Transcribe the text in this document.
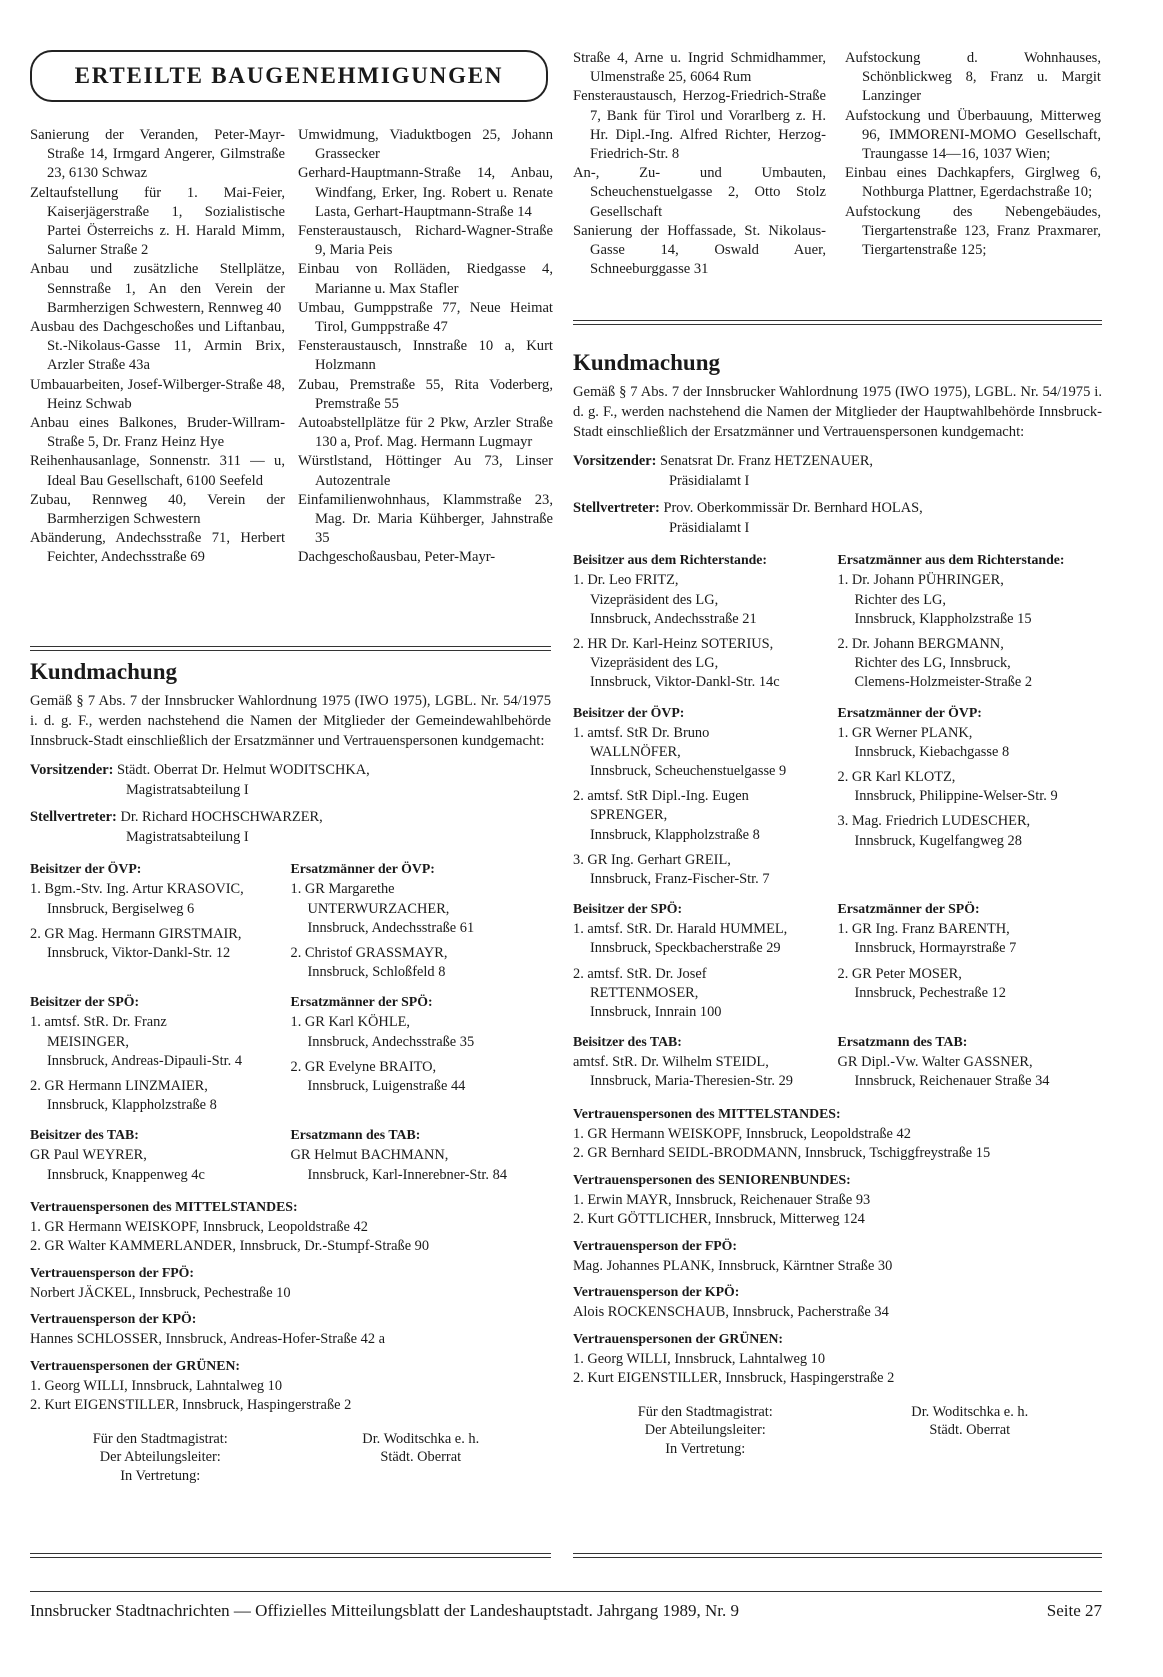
ERTEILTE BAUGENEHMIGUNGEN

Sanierung der Veranden, Peter-Mayr-Straße 14, Irmgard Angerer, Gilmstraße 23, 6130 Schwaz

Zeltaufstellung für 1. Mai-Feier, Kaiserjägerstraße 1, Sozialistische Partei Österreichs z. H. Harald Mimm, Salurner Straße 2

Anbau und zusätzliche Stellplätze, Sennstraße 1, An den Verein der Barmherzigen Schwestern, Rennweg 40

Ausbau des Dachgeschoßes und Liftanbau, St.-Nikolaus-Gasse 11, Armin Brix, Arzler Straße 43a

Umbauarbeiten, Josef-Wilberger-Straße 48, Heinz Schwab

Anbau eines Balkones, Bruder-Willram-Straße 5, Dr. Franz Heinz Hye

Reihenhausanlage, Sonnenstr. 311 — u, Ideal Bau Gesellschaft, 6100 Seefeld

Zubau, Rennweg 40, Verein der Barmherzigen Schwestern

Abänderung, Andechsstraße 71, Herbert Feichter, Andechsstraße 69

Umwidmung, Viaduktbogen 25, Johann Grassecker

Gerhard-Hauptmann-Straße 14, Anbau, Windfang, Erker, Ing. Robert u. Renate Lasta, Gerhart-Hauptmann-Straße 14

Fensteraustausch, Richard-Wagner-Straße 9, Maria Peis

Einbau von Rolläden, Riedgasse 4, Marianne u. Max Stafler

Umbau, Gumppstraße 77, Neue Heimat Tirol, Gumppstraße 47

Fensteraustausch, Innstraße 10 a, Kurt Holzmann

Zubau, Premstraße 55, Rita Voderberg, Premstraße 55

Autoabstellplätze für 2 Pkw, Arzler Straße 130 a, Prof. Mag. Hermann Lugmayr

Würstlstand, Höttinger Au 73, Linser Autozentrale

Einfamilienwohnhaus, Klammstraße 23, Mag. Dr. Maria Kühberger, Jahnstraße 35

Dachgeschoßausbau, Peter-Mayr-

Straße 4, Arne u. Ingrid Schmidhammer, Ulmenstraße 25, 6064 Rum

Fensteraustausch, Herzog-Friedrich-Straße 7, Bank für Tirol und Vorarlberg z. H. Hr. Dipl.-Ing. Alfred Richter, Herzog-Friedrich-Str. 8

An-, Zu- und Umbauten, Scheuchenstuelgasse 2, Otto Stolz Gesellschaft

Sanierung der Hoffassade, St. Nikolaus-Gasse 14, Oswald Auer, Schneeburggasse 31

Aufstockung d. Wohnhauses, Schönblickweg 8, Franz u. Margit Lanzinger

Aufstockung und Überbauung, Mitterweg 96, IMMORENI-MOMO Gesellschaft, Traungasse 14—16, 1037 Wien;

Einbau eines Dachkapfers, Girglweg 6, Nothburga Plattner, Egerdachstraße 10;

Aufstockung des Nebengebäudes, Tiergartenstraße 123, Franz Praxmarer, Tiergartenstraße 125;

Kundmachung

Gemäß § 7 Abs. 7 der Innsbrucker Wahlordnung 1975 (IWO 1975), LGBL. Nr. 54/1975 i. d. g. F., werden nachstehend die Namen der Mitglieder der Gemeindewahlbehörde Innsbruck-Stadt einschließlich der Ersatzmänner und Vertrauenspersonen kundgemacht:

Vorsitzender: Städt. Oberrat Dr. Helmut WODITSCHKA,
Magistratsabteilung I
Stellvertreter: Dr. Richard HOCHSCHWARZER,
Magistratsabteilung I

Beisitzer der ÖVP:

1. Bgm.-Stv. Ing. Artur KRASOVIC,
Innsbruck, Bergiselweg 6
2. GR Mag. Hermann GIRSTMAIR,
Innsbruck, Viktor-Dankl-Str. 12

Ersatzmänner der ÖVP:

1. GR Margarethe
UNTERWURZACHER,
Innsbruck, Andechsstraße 61
2. Christof GRASSMAYR,
Innsbruck, Schloßfeld 8

Beisitzer der SPÖ:

1. amtsf. StR. Dr. Franz
MEISINGER,
Innsbruck, Andreas-Dipauli-Str. 4
2. GR Hermann LINZMAIER,
Innsbruck, Klappholzstraße 8

Ersatzmänner der SPÖ:

1. GR Karl KÖHLE,
Innsbruck, Andechsstraße 35
2. GR Evelyne BRAITO,
Innsbruck, Luigenstraße 44

Beisitzer des TAB:

GR Paul WEYRER,
Innsbruck, Knappenweg 4c

Ersatzmann des TAB:

GR Helmut BACHMANN,
Innsbruck, Karl-Innerebner-Str. 84

Vertrauenspersonen des MITTELSTANDES:

1. GR Hermann WEISKOPF, Innsbruck, Leopoldstraße 42

2. GR Walter KAMMERLANDER, Innsbruck, Dr.-Stumpf-Straße 90

Vertrauensperson der FPÖ:

Norbert JÄCKEL, Innsbruck, Pechestraße 10

Vertrauensperson der KPÖ:

Hannes SCHLOSSER, Innsbruck, Andreas-Hofer-Straße 42 a

Vertrauenspersonen der GRÜNEN:

1. Georg WILLI, Innsbruck, Lahntalweg 10

2. Kurt EIGENSTILLER, Innsbruck, Haspingerstraße 2

Für den Stadtmagistrat:
Der Abteilungsleiter:
In Vertretung:
Dr. Woditschka e. h.
Städt. Oberrat
Kundmachung

Gemäß § 7 Abs. 7 der Innsbrucker Wahlordnung 1975 (IWO 1975), LGBL. Nr. 54/1975 i. d. g. F., werden nachstehend die Namen der Mitglieder der Hauptwahlbehörde Innsbruck-Stadt einschließlich der Ersatzmänner und Vertrauenspersonen kundgemacht:

Vorsitzender: Senatsrat Dr. Franz HETZENAUER,
Präsidialamt I
Stellvertreter: Prov. Oberkommissär Dr. Bernhard HOLAS,
Präsidialamt I

Beisitzer aus dem Richterstande:

1. Dr. Leo FRITZ,
Vizepräsident des LG,
Innsbruck, Andechsstraße 21
2. HR Dr. Karl-Heinz SOTERIUS,
Vizepräsident des LG,
Innsbruck, Viktor-Dankl-Str. 14c

Ersatzmänner aus dem Richterstande:

1. Dr. Johann PÜHRINGER,
Richter des LG,
Innsbruck, Klappholzstraße 15
2. Dr. Johann BERGMANN,
Richter des LG, Innsbruck,
Clemens-Holzmeister-Straße 2

Beisitzer der ÖVP:

1. amtsf. StR Dr. Bruno
WALLNÖFER,
Innsbruck, Scheuchenstuelgasse 9
2. amtsf. StR Dipl.-Ing. Eugen
SPRENGER,
Innsbruck, Klappholzstraße 8
3. GR Ing. Gerhart GREIL,
Innsbruck, Franz-Fischer-Str. 7

Ersatzmänner der ÖVP:

1. GR Werner PLANK,
Innsbruck, Kiebachgasse 8
2. GR Karl KLOTZ,
Innsbruck, Philippine-Welser-Str. 9
3. Mag. Friedrich LUDESCHER,
Innsbruck, Kugelfangweg 28

Beisitzer der SPÖ:

1. amtsf. StR. Dr. Harald HUMMEL,
Innsbruck, Speckbacherstraße 29
2. amtsf. StR. Dr. Josef
RETTENMOSER,
Innsbruck, Innrain 100

Ersatzmänner der SPÖ:

1. GR Ing. Franz BARENTH,
Innsbruck, Hormayrstraße 7
2. GR Peter MOSER,
Innsbruck, Pechestraße 12

Beisitzer des TAB:

amtsf. StR. Dr. Wilhelm STEIDL,
Innsbruck, Maria-Theresien-Str. 29

Ersatzmann des TAB:

GR Dipl.-Vw. Walter GASSNER,
Innsbruck, Reichenauer Straße 34

Vertrauenspersonen des MITTELSTANDES:

1. GR Hermann WEISKOPF, Innsbruck, Leopoldstraße 42

2. GR Bernhard SEIDL-BRODMANN, Innsbruck, Tschiggfreystraße 15

Vertrauenspersonen des SENIORENBUNDES:

1. Erwin MAYR, Innsbruck, Reichenauer Straße 93

2. Kurt GÖTTLICHER, Innsbruck, Mitterweg 124

Vertrauensperson der FPÖ:

Mag. Johannes PLANK, Innsbruck, Kärntner Straße 30

Vertrauensperson der KPÖ:

Alois ROCKENSCHAUB, Innsbruck, Pacherstraße 34

Vertrauenspersonen der GRÜNEN:

1. Georg WILLI, Innsbruck, Lahntalweg 10

2. Kurt EIGENSTILLER, Innsbruck, Haspingerstraße 2

Für den Stadtmagistrat:
Der Abteilungsleiter:
In Vertretung:
Dr. Woditschka e. h.
Städt. Oberrat
Innsbrucker Stadtnachrichten — Offizielles Mitteilungsblatt der Landeshauptstadt. Jahrgang 1989, Nr. 9	Seite 27
